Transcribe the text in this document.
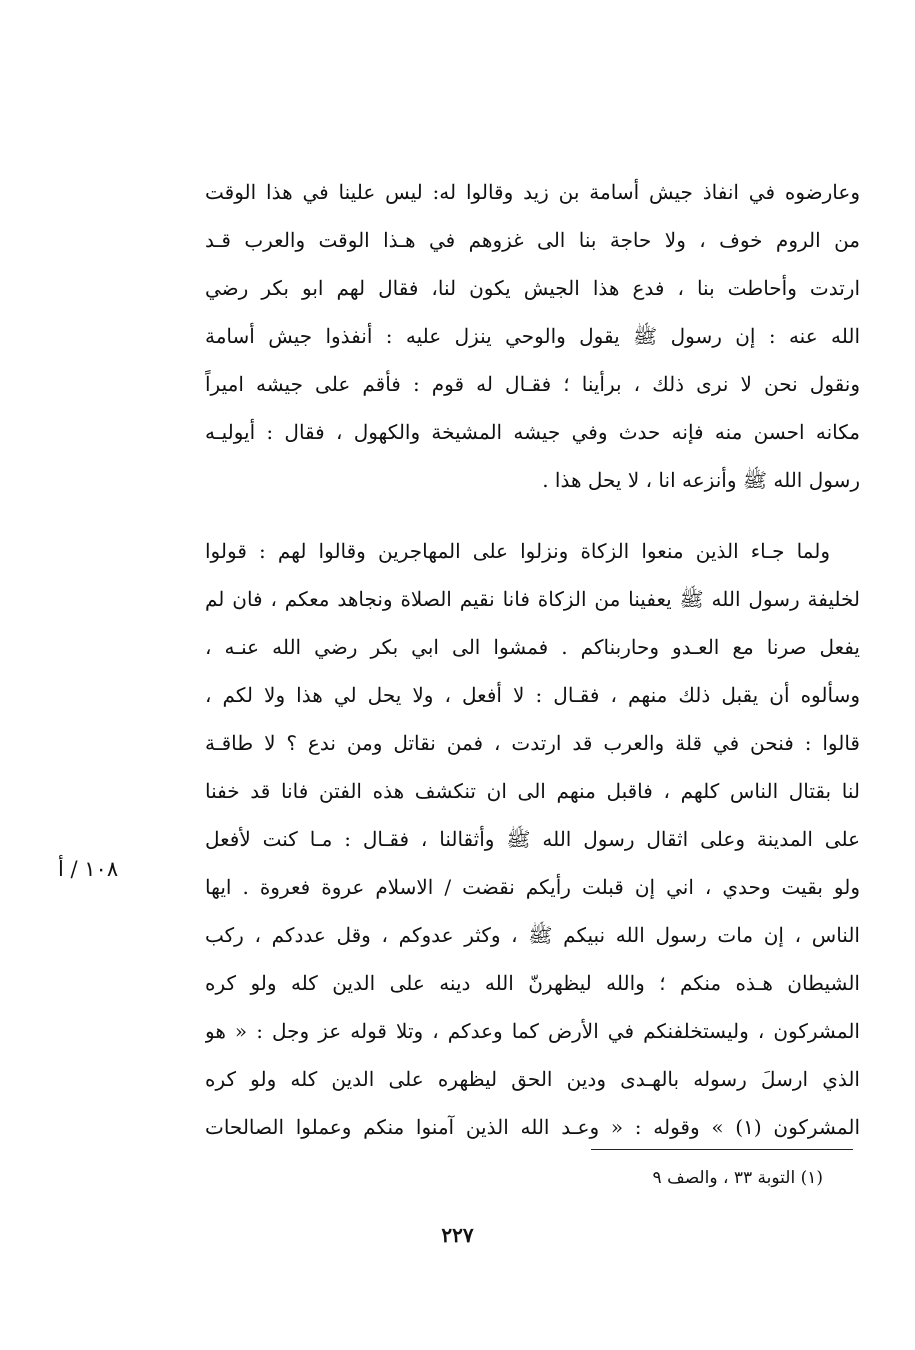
وعارضوه في انفاذ جيش أسامة بن زيد وقالوا له: ليس علينا في هذا الوقت
من الروم خوف ، ولا حاجة بنا الى غزوهم في هـذا الوقت والعرب قـد
ارتدت وأحاطت بنا ، فدع هذا الجيش يكون لنا، فقال لهم ابو بكر رضي
الله عنه : إن رسول ﷺ يقول والوحي ينزل عليه : أنفذوا جيش أسامة
ونقول نحن لا نرى ذلك ، برأينا ؛ فقـال له قوم : فأقم على جيشه اميراً
مكانه احسن منه فإنه حدث وفي جيشه المشيخة والكهول ، فقال : أيوليـه
رسول الله ﷺ وأنزعه انا ، لا يحل هذا .
ولما جـاء الذين منعوا الزكاة ونزلوا على المهاجرين وقالوا لهم : قولوا
لخليفة رسول الله ﷺ يعفينا من الزكاة فانا نقيم الصلاة ونجاهد معكم ، فان لم
يفعل صرنا مع العـدو وحاربناكم . فمشوا الى ابي بكر رضي الله عنـه ،
وسألوه أن يقبل ذلك منهم ، فقـال : لا أفعل ، ولا يحل لي هذا ولا لكم ،
قالوا : فنحن في قلة والعرب قد ارتدت ، فمن نقاتل ومن ندع ؟ لا طاقـة
لنا بقتال الناس كلهم ، فاقبل منهم الى ان تنكشف هذه الفتن فانا قد خفنا
على المدينة وعلى اثقال رسول الله ﷺ وأثقالنا ، فقـال : مـا كنت لأفعل
ولو بقيت وحدي ، اني إن قبلت رأيكم نقضت / الاسلام عروة فعروة . ايها
الناس ، إن مات رسول الله نبيكم ﷺ ، وكثر عدوكم ، وقل عددكم ، ركب
الشيطان هـذه منكم ؛ والله ليظهرنّ الله دينه على الدين كله ولو كره
المشركون ، وليستخلفنكم في الأرض كما وعدكم ، وتلا قوله عز وجل : « هو
الذي ارسلَ رسوله بالهـدى ودين الحق ليظهره على الدين كله ولو كره
المشركون (١) » وقوله : « وعـد الله الذين آمنوا منكم وعملوا الصالحات
١٠٨ / أ
(١) التوبة ٣٣ ، والصف ٩
٢٢٧
